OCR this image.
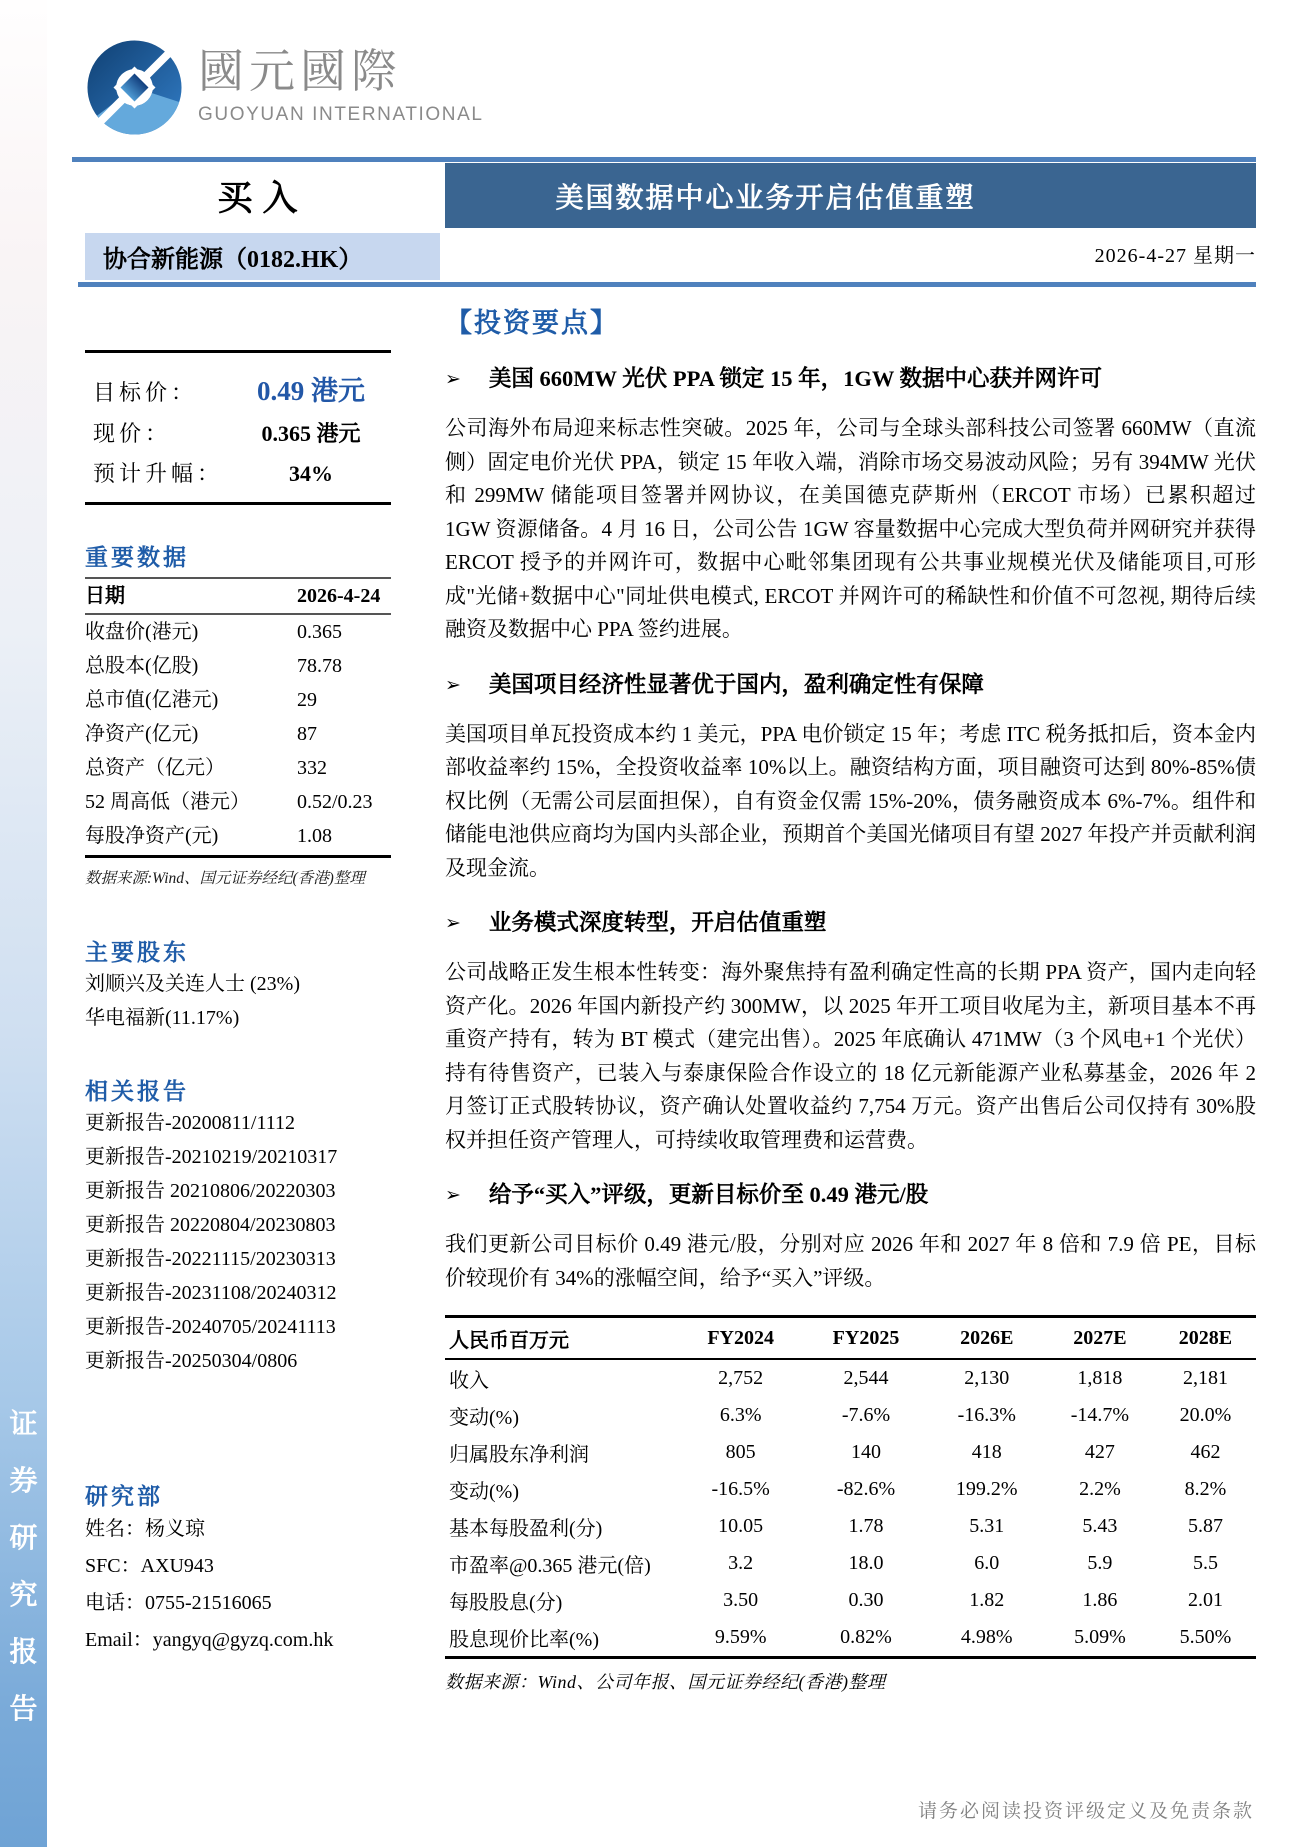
证
券
研
究
报
告
國元國際
GUOYUAN INTERNATIONAL
买入	美国数据中心业务开启估值重塑
协合新能源（0182.HK）	2026-4-27 星期一
目标价：	0.49 港元
现价：	0.365 港元
预计升幅：	34%
重要数据
日期	2026-4-24
收盘价(港元)	0.365
总股本(亿股)	78.78
总市值(亿港元)	29
净资产(亿元)	87
总资产（亿元）	332
52 周高低（港元）	0.52/0.23
每股净资产(元)	1.08
数据来源:Wind、国元证券经纪(香港)整理
主要股东
刘顺兴及关连人士 (23%)
华电福新(11.17%)
相关报告
更新报告-20200811/1112
更新报告-20210219/20210317
更新报告 20210806/20220303
更新报告 20220804/20230803
更新报告-20221115/20230313
更新报告-20231108/20240312
更新报告-20240705/20241113
更新报告-20250304/0806
研究部
姓名：杨义琼
SFC：AXU943
电话：0755-21516065
Email：yangyq@gyzq.com.hk
【投资要点】
➢ 美国 660MW 光伏 PPA 锁定 15 年，1GW 数据中心获并网许可
公司海外布局迎来标志性突破。2025 年，公司与全球头部科技公司签署 660MW（直流侧）固定电价光伏 PPA，锁定 15 年收入端，消除市场交易波动风险；另有 394MW 光伏和 299MW 储能项目签署并网协议，在美国德克萨斯州（ERCOT 市场）已累积超过 1GW 资源储备。4 月 16 日，公司公告 1GW 容量数据中心完成大型负荷并网研究并获得 ERCOT 授予的并网许可，数据中心毗邻集团现有公共事业规模光伏及储能项目,可形成"光储+数据中心"同址供电模式, ERCOT 并网许可的稀缺性和价值不可忽视, 期待后续融资及数据中心 PPA 签约进展。
➢ 美国项目经济性显著优于国内，盈利确定性有保障
美国项目单瓦投资成本约 1 美元，PPA 电价锁定 15 年；考虑 ITC 税务抵扣后，资本金内部收益率约 15%，全投资收益率 10%以上。融资结构方面，项目融资可达到 80%-85%债权比例（无需公司层面担保），自有资金仅需 15%-20%，债务融资成本 6%-7%。组件和储能电池供应商均为国内头部企业，预期首个美国光储项目有望 2027 年投产并贡献利润及现金流。
➢ 业务模式深度转型，开启估值重塑
公司战略正发生根本性转变：海外聚焦持有盈利确定性高的长期 PPA 资产，国内走向轻资产化。2026 年国内新投产约 300MW，以 2025 年开工项目收尾为主，新项目基本不再重资产持有，转为 BT 模式（建完出售）。2025 年底确认 471MW（3 个风电+1 个光伏）持有待售资产，已装入与泰康保险合作设立的 18 亿元新能源产业私募基金，2026 年 2 月签订正式股转协议，资产确认处置收益约 7,754 万元。资产出售后公司仅持有 30%股权并担任资产管理人，可持续收取管理费和运营费。
➢ 给予“买入”评级，更新目标价至 0.49 港元/股
我们更新公司目标价 0.49 港元/股，分别对应 2026 年和 2027 年 8 倍和 7.9 倍 PE，目标价较现价有 34%的涨幅空间，给予“买入”评级。
人民币百万元	FY2024	FY2025	2026E	2027E	2028E
收入	2,752	2,544	2,130	1,818	2,181
变动(%)	6.3%	-7.6%	-16.3%	-14.7%	20.0%
归属股东净利润	805	140	418	427	462
变动(%)	-16.5%	-82.6%	199.2%	2.2%	8.2%
基本每股盈利(分)	10.05	1.78	5.31	5.43	5.87
市盈率@0.365 港元(倍)	3.2	18.0	6.0	5.9	5.5
每股股息(分)	3.50	0.30	1.82	1.86	2.01
股息现价比率(%)	9.59%	0.82%	4.98%	5.09%	5.50%
数据来源：Wind、公司年报、国元证券经纪(香港)整理
请务必阅读投资评级定义及免责条款
